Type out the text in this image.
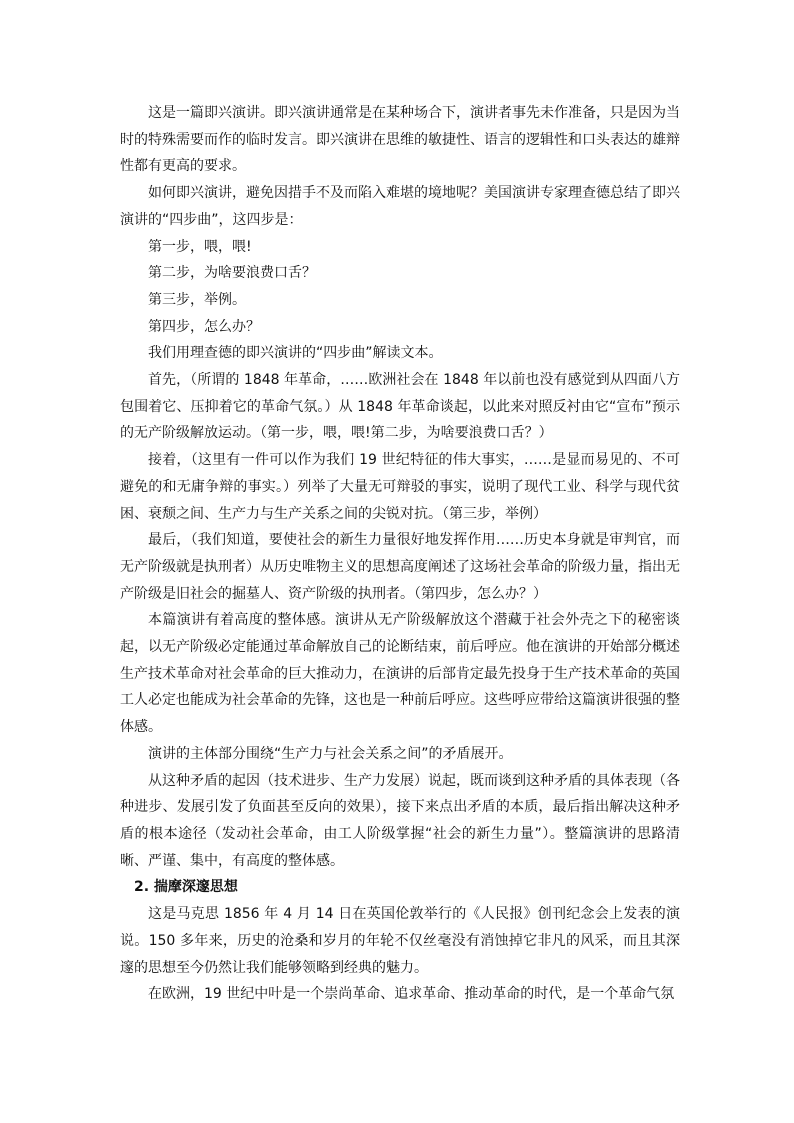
这是一篇即兴演讲。即兴演讲通常是在某种场合下，演讲者事先未作准备，只是因为当时的特殊需要而作的临时发言。即兴演讲在思维的敏捷性、语言的逻辑性和口头表达的雄辩性都有更高的要求。

如何即兴演讲，避免因措手不及而陷入难堪的境地呢？美国演讲专家理查德总结了即兴演讲的“四步曲”，这四步是：

第一步，喂，喂!

第二步，为啥要浪费口舌？

第三步，举例。

第四步，怎么办？

我们用理查德的即兴演讲的“四步曲”解读文本。

首先，（所谓的 1848 年革命，……欧洲社会在 1848 年以前也没有感觉到从四面八方包围着它、压抑着它的革命气氛。）从 1848 年革命谈起，以此来对照反衬由它“宣布”预示的无产阶级解放运动。（第一步，喂，喂!第二步，为啥要浪费口舌？）

接着，（这里有一件可以作为我们 19 世纪特征的伟大事实，……是显而易见的、不可避免的和无庸争辩的事实。）列举了大量无可辩驳的事实，说明了现代工业、科学与现代贫困、衰颓之间、生产力与生产关系之间的尖锐对抗。（第三步，举例）

最后，（我们知道，要使社会的新生力量很好地发挥作用……历史本身就是审判官，而无产阶级就是执刑者）从历史唯物主义的思想高度阐述了这场社会革命的阶级力量，指出无产阶级是旧社会的掘墓人、资产阶级的执刑者。（第四步，怎么办？）

本篇演讲有着高度的整体感。演讲从无产阶级解放这个潜藏于社会外壳之下的秘密谈起，以无产阶级必定能通过革命解放自己的论断结束，前后呼应。他在演讲的开始部分概述生产技术革命对社会革命的巨大推动力，在演讲的后部肯定最先投身于生产技术革命的英国工人必定也能成为社会革命的先锋，这也是一种前后呼应。这些呼应带给这篇演讲很强的整体感。

演讲的主体部分围绕“生产力与社会关系之间”的矛盾展开。

从这种矛盾的起因（技术进步、生产力发展）说起，既而谈到这种矛盾的具体表现（各种进步、发展引发了负面甚至反向的效果），接下来点出矛盾的本质，最后指出解决这种矛盾的根本途径（发动社会革命，由工人阶级掌握“社会的新生力量”）。整篇演讲的思路清晰、严谨、集中，有高度的整体感。

2. 揣摩深邃思想

这是马克思 1856 年 4 月 14 日在英国伦敦举行的《人民报》创刊纪念会上发表的演说。150 多年来，历史的沧桑和岁月的年轮不仅丝毫没有消蚀掉它非凡的风采，而且其深邃的思想至今仍然让我们能够领略到经典的魅力。

在欧洲，19 世纪中叶是一个崇尚革命、追求革命、推动革命的时代，是一个革命气氛
